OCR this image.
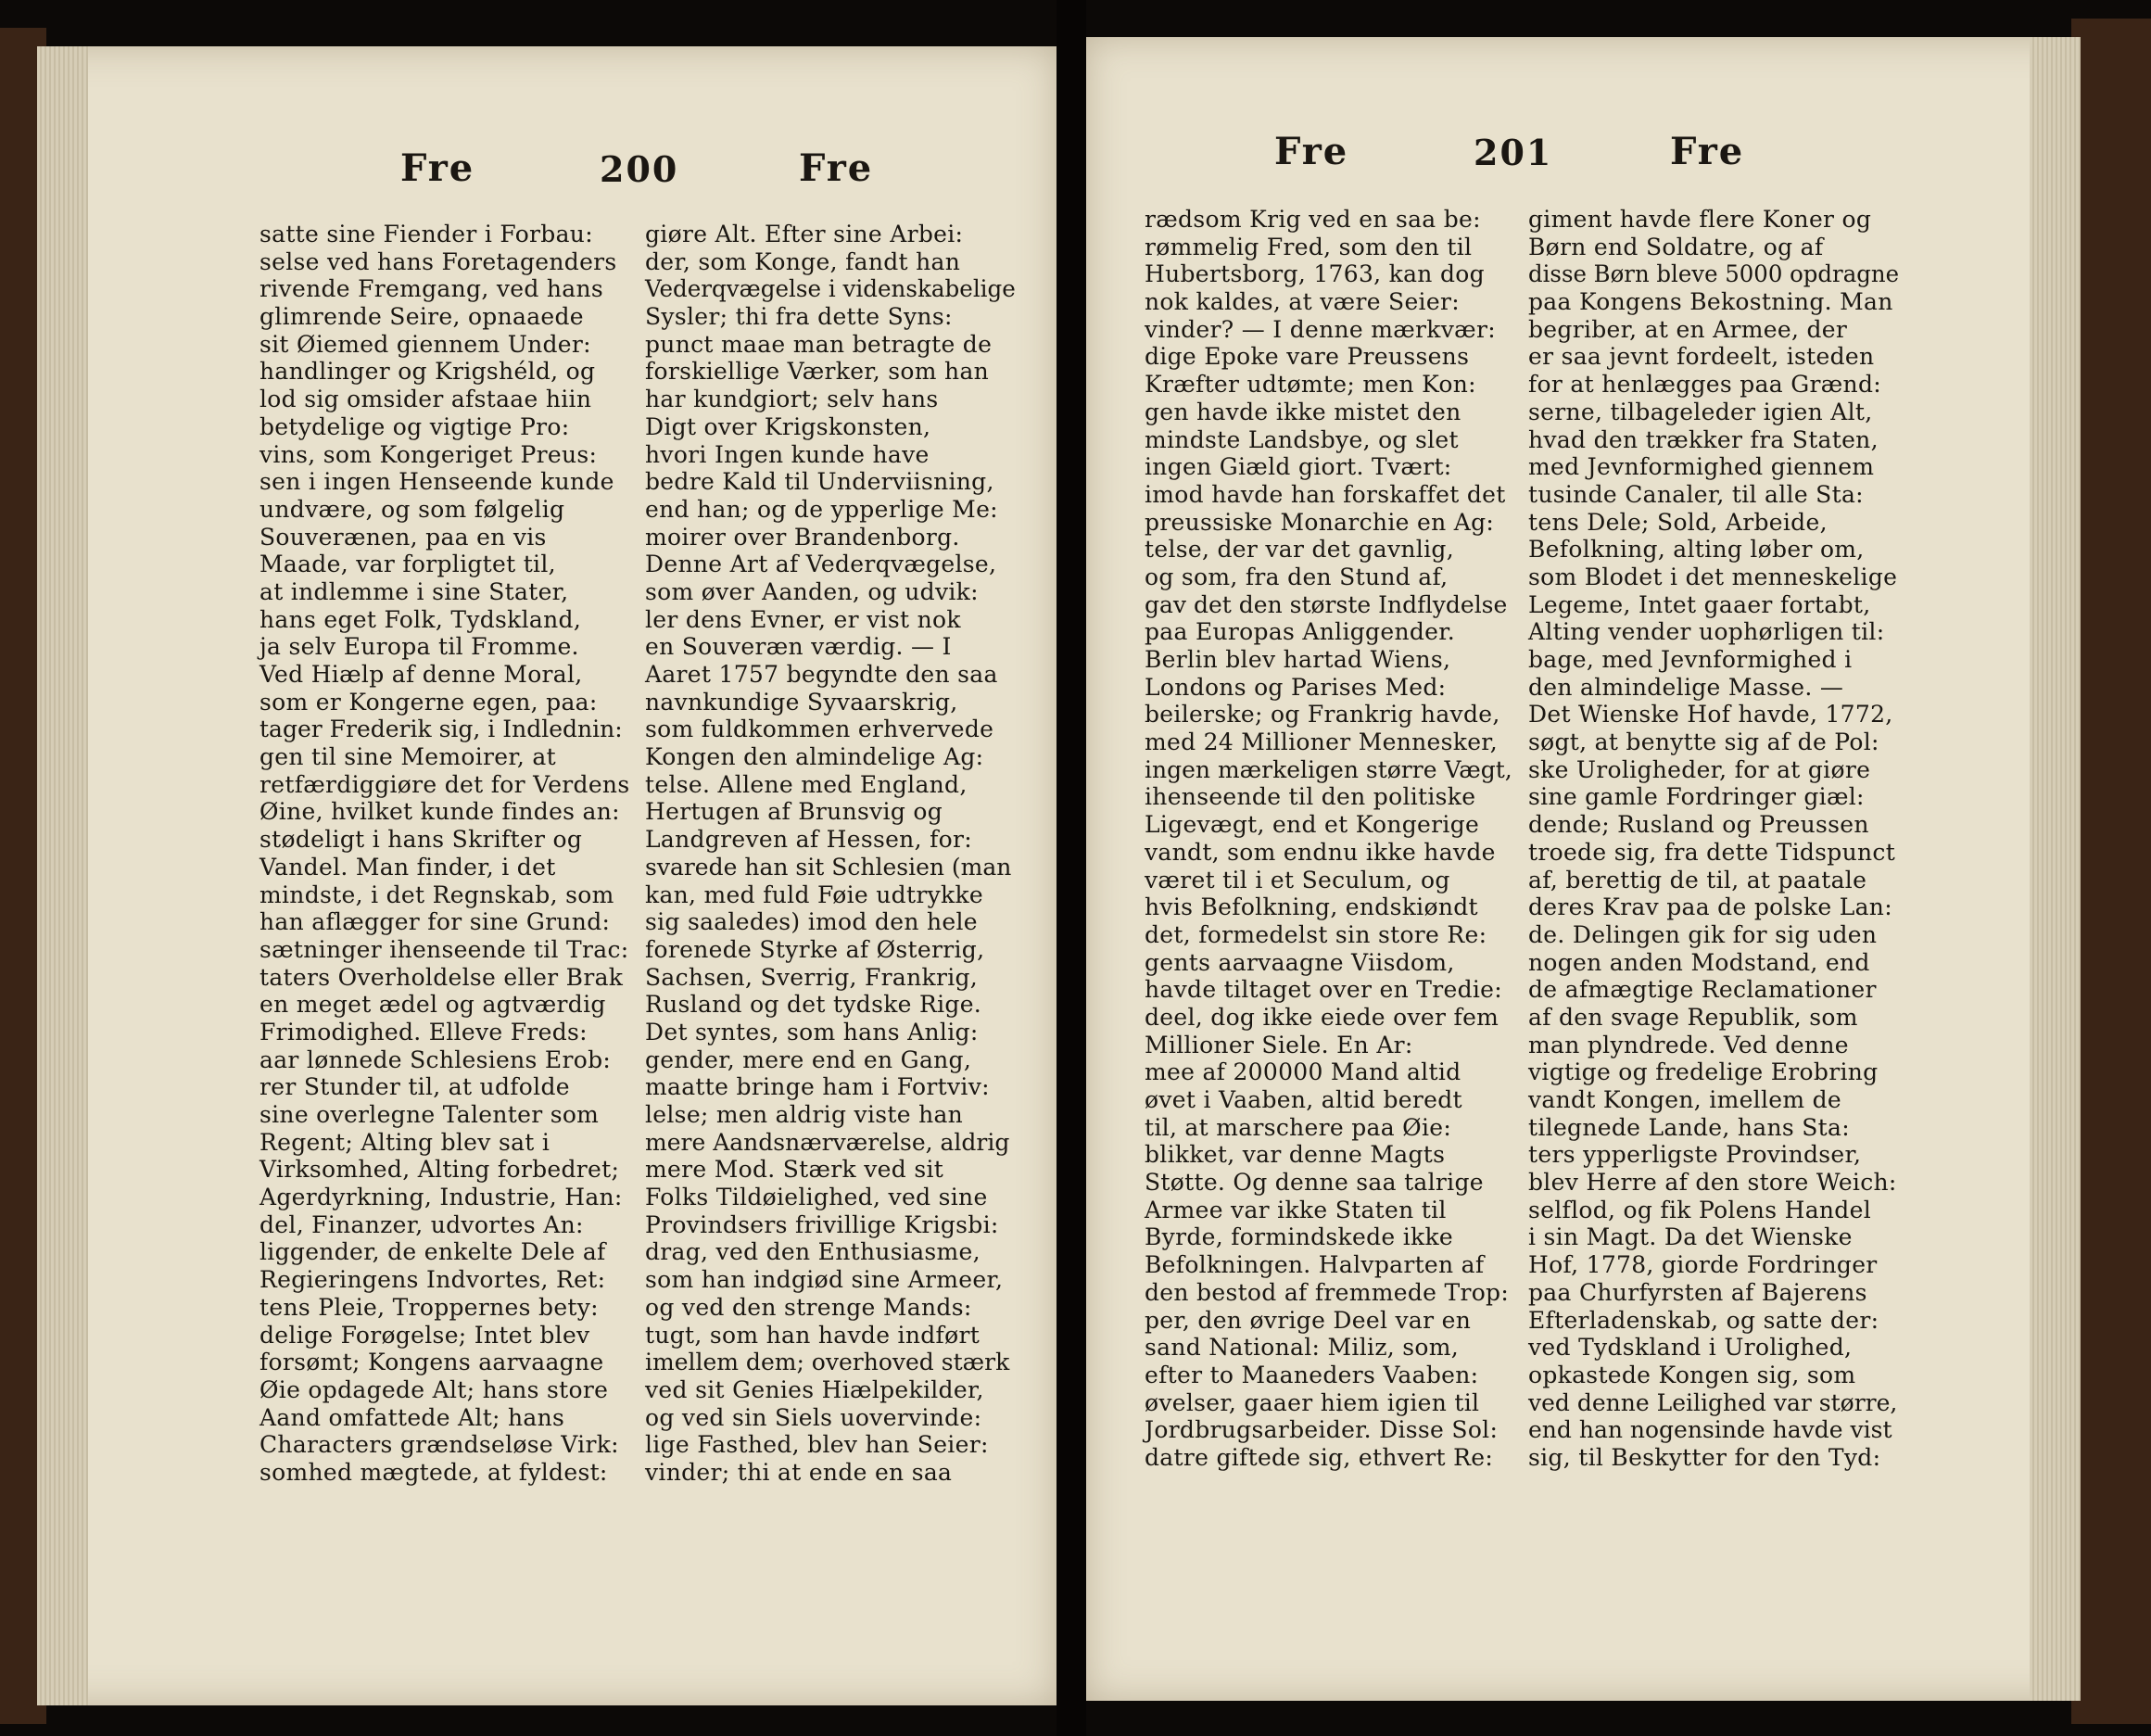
Fre	200	Fre
satte sine Fiender i Forbau:
selse ved hans Foretagenders
rivende Fremgang, ved hans
glimrende Seire, opnaaede
sit Øiemed giennem Under:
handlinger og Krigshéld, og
lod sig omsider afstaae hiin
betydelige og vigtige Pro:
vins, som Kongeriget Preus:
sen i ingen Henseende kunde
undvære, og som følgelig
Souverænen, paa en vis
Maade, var forpligtet til,
at indlemme i sine Stater,
hans eget Folk, Tydskland,
ja selv Europa til Fromme.
Ved Hiælp af denne Moral,
som er Kongerne egen, paa:
tager Frederik sig, i Indlednin:
gen til sine Memoirer, at
retfærdiggiøre det for Verdens
Øine, hvilket kunde findes an:
stødeligt i hans Skrifter og
Vandel. Man finder, i det
mindste, i det Regnskab, som
han aflægger for sine Grund:
sætninger ihenseende til Trac:
taters Overholdelse eller Brak
en meget ædel og agtværdig
Frimodighed. Elleve Freds:
aar lønnede Schlesiens Erob:
rer Stunder til, at udfolde
sine overlegne Talenter som
Regent; Alting blev sat i
Virksomhed, Alting forbedret;
Agerdyrkning, Industrie, Han:
del, Finanzer, udvortes An:
liggender, de enkelte Dele af
Regieringens Indvortes, Ret:
tens Pleie, Troppernes bety:
delige Forøgelse; Intet blev
forsømt; Kongens aarvaagne
Øie opdagede Alt; hans store
Aand omfattede Alt; hans
Characters grændseløse Virk:
somhed mægtede, at fyldest:
giøre Alt. Efter sine Arbei:
der, som Konge, fandt han
Vederqvægelse i videnskabelige
Sysler; thi fra dette Syns:
punct maae man betragte de
forskiellige Værker, som han
har kundgiort; selv hans
Digt over Krigskonsten,
hvori Ingen kunde have
bedre Kald til Underviisning,
end han; og de ypperlige Me:
moirer over Brandenborg.
Denne Art af Vederqvægelse,
som øver Aanden, og udvik:
ler dens Evner, er vist nok
en Souveræn værdig. — I
Aaret 1757 begyndte den saa
navnkundige Syvaarskrig,
som fuldkommen erhvervede
Kongen den almindelige Ag:
telse. Allene med England,
Hertugen af Brunsvig og
Landgreven af Hessen, for:
svarede han sit Schlesien (man
kan, med fuld Føie udtrykke
sig saaledes) imod den hele
forenede Styrke af Østerrig,
Sachsen, Sverrig, Frankrig,
Rusland og det tydske Rige.
Det syntes, som hans Anlig:
gender, mere end en Gang,
maatte bringe ham i Fortviv:
lelse; men aldrig viste han
mere Aandsnærværelse, aldrig
mere Mod. Stærk ved sit
Folks Tildøielighed, ved sine
Provindsers frivillige Krigsbi:
drag, ved den Enthusiasme,
som han indgiød sine Armeer,
og ved den strenge Mands:
tugt, som han havde indført
imellem dem; overhoved stærk
ved sit Genies Hiælpekilder,
og ved sin Siels uovervinde:
lige Fasthed, blev han Seier:
vinder; thi at ende en saa
Fre	201	Fre
rædsom Krig ved en saa be:
rømmelig Fred, som den til
Hubertsborg, 1763, kan dog
nok kaldes, at være Seier:
vinder? — I denne mærkvær:
dige Epoke vare Preussens
Kræfter udtømte; men Kon:
gen havde ikke mistet den
mindste Landsbye, og slet
ingen Giæld giort. Tvært:
imod havde han forskaffet det
preussiske Monarchie en Ag:
telse, der var det gavnlig,
og som, fra den Stund af,
gav det den største Indflydelse
paa Europas Anliggender.
Berlin blev hartad Wiens,
Londons og Parises Med:
beilerske; og Frankrig havde,
med 24 Millioner Mennesker,
ingen mærkeligen større Vægt,
ihenseende til den politiske
Ligevægt, end et Kongerige
vandt, som endnu ikke havde
været til i et Seculum, og
hvis Befolkning, endskiøndt
det, formedelst sin store Re:
gents aarvaagne Viisdom,
havde tiltaget over en Tredie:
deel, dog ikke eiede over fem
Millioner Siele. En Ar:
mee af 200000 Mand altid
øvet i Vaaben, altid beredt
til, at marschere paa Øie:
blikket, var denne Magts
Støtte. Og denne saa talrige
Armee var ikke Staten til
Byrde, formindskede ikke
Befolkningen. Halvparten af
den bestod af fremmede Trop:
per, den øvrige Deel var en
sand National: Miliz, som,
efter to Maaneders Vaaben:
øvelser, gaaer hiem igien til
Jordbrugsarbeider. Disse Sol:
datre giftede sig, ethvert Re:
giment havde flere Koner og
Børn end Soldatre, og af
disse Børn bleve 5000 opdragne
paa Kongens Bekostning. Man
begriber, at en Armee, der
er saa jevnt fordeelt, isteden
for at henlægges paa Grænd:
serne, tilbageleder igien Alt,
hvad den trækker fra Staten,
med Jevnformighed giennem
tusinde Canaler, til alle Sta:
tens Dele; Sold, Arbeide,
Befolkning, alting løber om,
som Blodet i det menneskelige
Legeme, Intet gaaer fortabt,
Alting vender uophørligen til:
bage, med Jevnformighed i
den almindelige Masse. —
Det Wienske Hof havde, 1772,
søgt, at benytte sig af de Pol:
ske Uroligheder, for at giøre
sine gamle Fordringer giæl:
dende; Rusland og Preussen
troede sig, fra dette Tidspunct
af, berettig de til, at paatale
deres Krav paa de polske Lan:
de. Delingen gik for sig uden
nogen anden Modstand, end
de afmægtige Reclamationer
af den svage Republik, som
man plyndrede. Ved denne
vigtige og fredelige Erobring
vandt Kongen, imellem de
tilegnede Lande, hans Sta:
ters ypperligste Provindser,
blev Herre af den store Weich:
selflod, og fik Polens Handel
i sin Magt. Da det Wienske
Hof, 1778, giorde Fordringer
paa Churfyrsten af Bajerens
Efterladenskab, og satte der:
ved Tydskland i Urolighed,
opkastede Kongen sig, som
ved denne Leilighed var større,
end han nogensinde havde vist
sig, til Beskytter for den Tyd:
